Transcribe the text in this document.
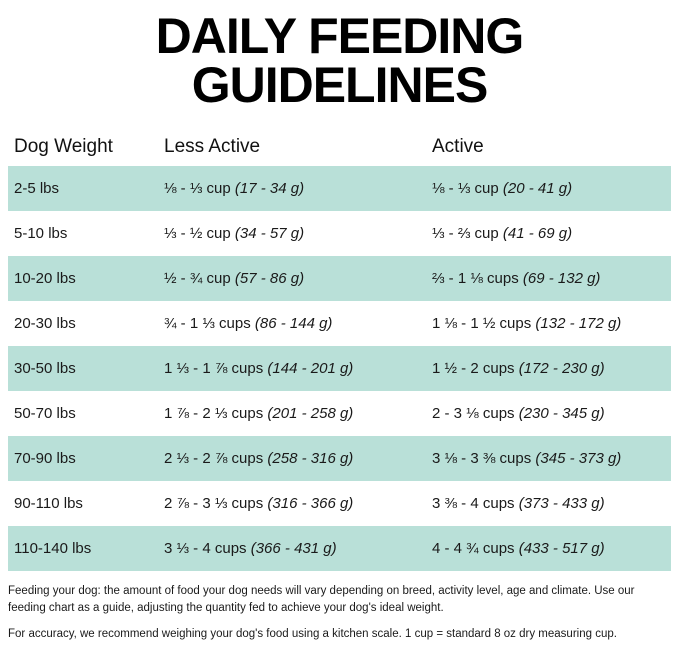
DAILY FEEDING
GUIDELINES
Dog Weight	Less Active	Active
2-5 lbs	⅛ - ⅓ cup (17 - 34 g)	⅛ - ⅓ cup (20 - 41 g)
5-10 lbs	⅓ - ½ cup (34 - 57 g)	⅓ - ⅔ cup (41 - 69 g)
10-20 lbs	½ - ¾ cup (57 - 86 g)	⅔ - 1 ⅛ cups (69 - 132 g)
20-30 lbs	¾ - 1 ⅓ cups (86 - 144 g)	1 ⅛ - 1 ½ cups (132 - 172 g)
30-50 lbs	1 ⅓ - 1 ⅞ cups (144 - 201 g)	1 ½ - 2 cups (172 - 230 g)
50-70 lbs	1 ⅞ - 2 ⅓ cups (201 - 258 g)	2 - 3 ⅛ cups (230 - 345 g)
70-90 lbs	2 ⅓ - 2 ⅞ cups (258 - 316 g)	3 ⅛ - 3 ⅜ cups (345 - 373 g)
90-110 lbs	2 ⅞ - 3 ⅓ cups (316 - 366 g)	3 ⅜ - 4 cups (373 - 433 g)
110-140 lbs	3 ⅓ - 4 cups (366 - 431 g)	4 - 4 ¾ cups (433 - 517 g)

Feeding your dog: the amount of food your dog needs will vary depending on breed, activity level, age and climate. Use our feeding chart as a guide, adjusting the quantity fed to achieve your dog's ideal weight.

For accuracy, we recommend weighing your dog's food using a kitchen scale. 1 cup = standard 8 oz dry measuring cup.
